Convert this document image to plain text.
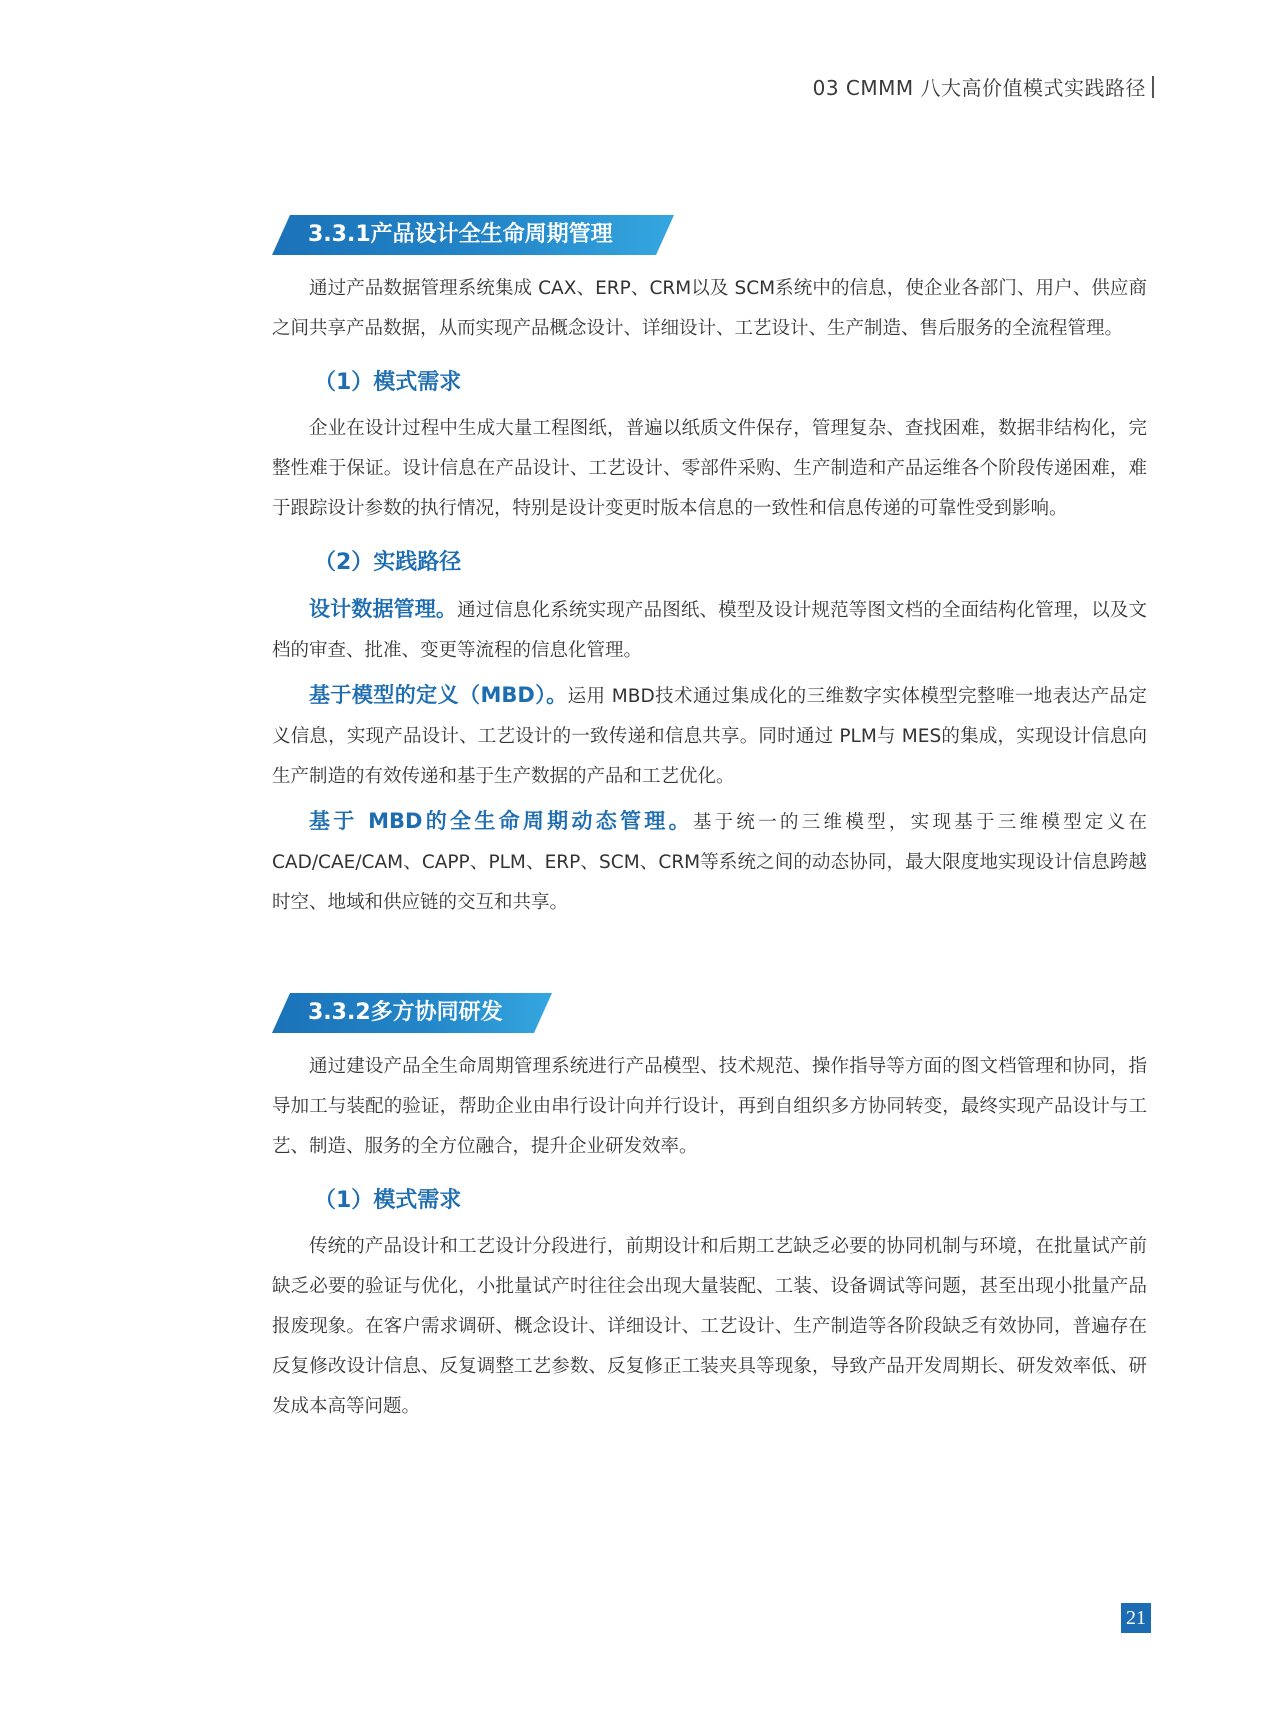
03 CMMM 八大高价值模式实践路径
3.3.1产品设计全生命周期管理

通过产品数据管理系统集成 CAX、ERP、CRM以及 SCM系统中的信息，使企业各部门、用户、供应商之间共享产品数据，从而实现产品概念设计、详细设计、工艺设计、生产制造、售后服务的全流程管理。

（1）模式需求

企业在设计过程中生成大量工程图纸，普遍以纸质文件保存，管理复杂、查找困难，数据非结构化，完整性难于保证。设计信息在产品设计、工艺设计、零部件采购、生产制造和产品运维各个阶段传递困难，难于跟踪设计参数的执行情况，特别是设计变更时版本信息的一致性和信息传递的可靠性受到影响。

（2）实践路径

设计数据管理。通过信息化系统实现产品图纸、模型及设计规范等图文档的全面结构化管理，以及文档的审查、批准、变更等流程的信息化管理。

基于模型的定义（MBD）。运用 MBD技术通过集成化的三维数字实体模型完整唯一地表达产品定义信息，实现产品设计、工艺设计的一致传递和信息共享。同时通过 PLM与 MES的集成，实现设计信息向生产制造的有效传递和基于生产数据的产品和工艺优化。

基于 MBD的全生命周期动态管理。基于统一的三维模型，实现基于三维模型定义在 CAD/CAE/CAM、CAPP、PLM、ERP、SCM、CRM等系统之间的动态协同，最大限度地实现设计信息跨越时空、地域和供应链的交互和共享。

3.3.2多方协同研发

通过建设产品全生命周期管理系统进行产品模型、技术规范、操作指导等方面的图文档管理和协同，指导加工与装配的验证，帮助企业由串行设计向并行设计，再到自组织多方协同转变，最终实现产品设计与工艺、制造、服务的全方位融合，提升企业研发效率。

（1）模式需求

传统的产品设计和工艺设计分段进行，前期设计和后期工艺缺乏必要的协同机制与环境，在批量试产前缺乏必要的验证与优化，小批量试产时往往会出现大量装配、工装、设备调试等问题，甚至出现小批量产品报废现象。在客户需求调研、概念设计、详细设计、工艺设计、生产制造等各阶段缺乏有效协同，普遍存在反复修改设计信息、反复调整工艺参数、反复修正工装夹具等现象，导致产品开发周期长、研发效率低、研发成本高等问题。

21
